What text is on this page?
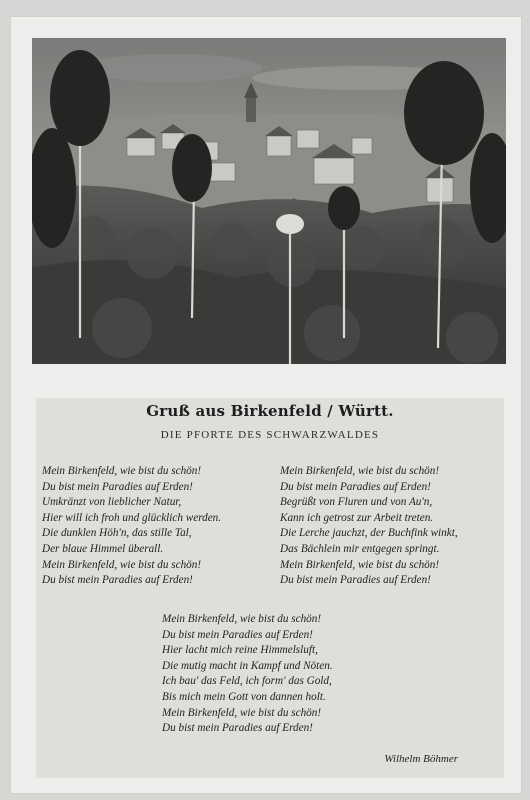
Gruß aus Birkenfeld / Württ.
DIE PFORTE DES SCHWARZWALDES
Mein Birkenfeld, wie bist du schön!
Du bist mein Paradies auf Erden!
Umkränzt von lieblicher Natur,
Hier will ich froh und glücklich werden.
Die dunklen Höh'n, das stille Tal,
Der blaue Himmel überall.
Mein Birkenfeld, wie bist du schön!
Du bist mein Paradies auf Erden!
Mein Birkenfeld, wie bist du schön!
Du bist mein Paradies auf Erden!
Begrüßt von Fluren und von Au'n,
Kann ich getrost zur Arbeit treten.
Die Lerche jauchzt, der Buchfink winkt,
Das Bächlein mir entgegen springt.
Mein Birkenfeld, wie bist du schön!
Du bist mein Paradies auf Erden!
Mein Birkenfeld, wie bist du schön!
Du bist mein Paradies auf Erden!
Hier lacht mich reine Himmelsluft,
Die mutig macht in Kampf und Nöten.
Ich bau' das Feld, ich form' das Gold,
Bis mich mein Gott von dannen holt.
Mein Birkenfeld, wie bist du schön!
Du bist mein Paradies auf Erden!
Wilhelm Böhmer
